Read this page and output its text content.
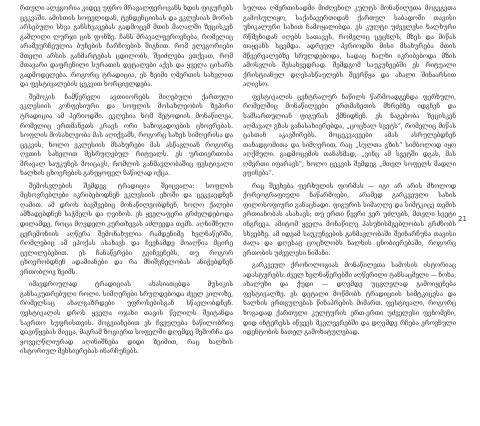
რთული ალეგორია კიდევ უფრო მრავალფეროვანს ხდის ფიგურებს ცეკვაში. ამისთის სოფელიდან, ტენდენციისას და ეკლესიას მორის არსებული სხვა განსხვავებას გადმოცემ მთის მაღალში ზეცისკენ გაშლილი ლურჯი ცის ფონზე. ჩანს მრავალფეროვნება, რომელიც არამეურჩეულია ბუნების ჩარჩოების შიგნით. რომ ელეგორიები მთელი არსის განმარტებას ცდილობს, შეიძლება ვთქვათ, რომ მთავარი დაფრენილი სურათის დეტალები აქვს და ყველა ცისარს გადმოდელება. როგორც ტრადიცია, ეს ზეიმი ღმერთის სახელით და ფესტივალების ცეკვით ხორციელდება.

შემოკის ჩამწერელი ავთიიორებს მიღებული ქართული ეკლესიის კონფესიური და სოფლის მოსახლეობის ზეპირი ტრადიცია ამ პერიოდში. ეკლესია ხომ მეტოდიის მონაწილეა, რომელიც ერთმანეთს კრავს ორი საზოგადოების ცხოვრებას. სოფლის მოსახლეობა მას აღიქვამს, როგორც სახეს სიმღერისა და ცეკვის, ხოლო ეკლესიის მსახურები მას ასწავლიან როგორც ღვთის სახელით შესრულებულ რიტუალს. ეს ურთიერთობა მრავალ საუკუნეს მოიცავს, რომლის განმავლობაშიც ფესტივალი ხალხის ცხოვრების განუყოფელ ნაწილად იქცა.

შემოსვლების შემდეგ ტრადიცია შეიცვალა: სოფლის მცხოვრებლები იკრიბებოდნენ ეკლესიის ეზოში და ცეკვავდნენ ღამით. ამ დროს ბავშვებიც მონაწილეობდნენ, ხოლო ქალები ამზადებდნენ საჭმელს და ღვინოს. ეს ყველაფერი გრძელდებოდა დილამდე, როცა მღვდელი კურთხევას აძლევდა თემს. აღნიშნული ცერემონიის აღწერა შემონახულია რამდენიმე ხელნაწერში, რომლებიც ამ ეპოქას ასახავს და ჩვენამდე მოაღწია მცირე ცვლილებებით. ეს ჩანაწერები გვიჩვენებს, თუ როგორ ცხოვრობდნენ ადამიანები და რა მნიშვნელობას ანიჭებდნენ ერთობლივ ზეიმს.

იმავდროულად ტრადიციას ახასიათებდა მუსიკის განსაკუთრებული როლი. სიმღერები სრულდებოდა ძველ კილოზე, რომელსაც ახალგაზრდები უფროსებისგან სწავლობდნენ. ფესტივალის დროს ყველა ოჯახი თავის წვლილს შეიტანდა საერთო სუფრისთვის. მოგვიანებით ეს ჩვეულება ნაწილობრივ დავიწყებას მიეცა, მაგრამ ზოგიერთ სოფელში დღემდე შემორჩა და ყოველწლიურად აღინიშნება დიდი ზეიმით, რაც ხალხის ისტორიულ მეხსიერებას ინარჩუნებს.

სულთა ღმერთისადმი მიძღვნილ კულტს მონაწილეთა მოგეგეთა გამოსულიყო, საქანავერთიდან ქართულ საბადოში თავისი უნიკალური სახით ჩამოყალიბდა. ეს კულტი უძველესი ხალხური რწმენიდან იღებს სათავეს, რომელიც ცეცხლს, მზეს და მიწას თაყვანს სცემდა. ადრეულ პერიოდში მისი მსახურება მთის მწვერვალებზე სრულდებოდა, სადაც ხალხი იკრიბებოდა მზის ამოსვლის შესახვედრად. შემდგომ საუკუნეებში ეს რიტუალი ქრისტიანულ დღესასწაულებს შეერწყა და ახალი შინაარსით აღივსო.

ფესტივალის ცენტრალურ ნაწილს წარმოადგენდა ფერხული, რომელშიც მონაწილეები ერთმანეთის მხრებზე იდგნენ და სამსართულიან ფიგურას ქმნიდნენ. ეს ნაგებობა ზეცისკენ აღმავალ გზას განასახიერებდა, „ცოცხალ სვეტს“, რომელიც მიწას ცასთან აკავშირებს. მოცეკვავეები ამას ასრულებდნენ თანადგომითა და სიმღერით, რაც „სულთა გზის“ სიმბოლოდ იყო აღქმული. გადმოცემის თანახმად, „ვინც ამ სვეტში დგას, მას ღმერთი იფარავს“, ხოლო ცეკვის შემდეგ „მთელ სოფელს მადლი ეფინება“.

რაც შეეხება ფერხულის ფორმას — იგი არ არის მხოლოდ ქორეოგრაფიული ნაწარმოები, არამედ გარკვეული სახის ფილოსოფიური განაცხადი. ფიგურის სიმაღლე და სიმტკიცე თემის ერთიანობას ასახავს; თუ ერთი წევრი ვერ უძლებს, მთელი სვეტი ინგრევა. ამიტომ ყველა მონაწილე პასუხისმგებლობას გრძნობს სხვებზე. ამ იდეამ საუკუნეების განმავლობაში შეინარჩუნა თავისი ძალა და დღესაც ცოცხლობს ხალხის ცნობიერებაში, როგორც ერთობის უძველესი ნიშანი.

გარკვეულ ქრონოლოგიას მონაწილეთა სამოსის ისტორიაც ადასტურებს: ძველ ხელნაწერებში აღწერილი ტანსაცმელი — ჩოხა, ახალუხი და ქუდი — დღემდე უცვლელად გამოიყენება ფესტივალზე. ეს დეტალი მოწმობს ტრადიციის სიმტკიცესა და ხალხის ერთგულებას წინაპრების მიმართ. ფესტივალი, როგორც ზოგადად ქართული კულტურის ერთ-ერთი უძველესი ფენომენი, დიდ ინტერესს იწვევს მკვლევრებში და დღემდე რჩება ეროვნული იდენტობის ნათელ გამოხატულებად.

21
